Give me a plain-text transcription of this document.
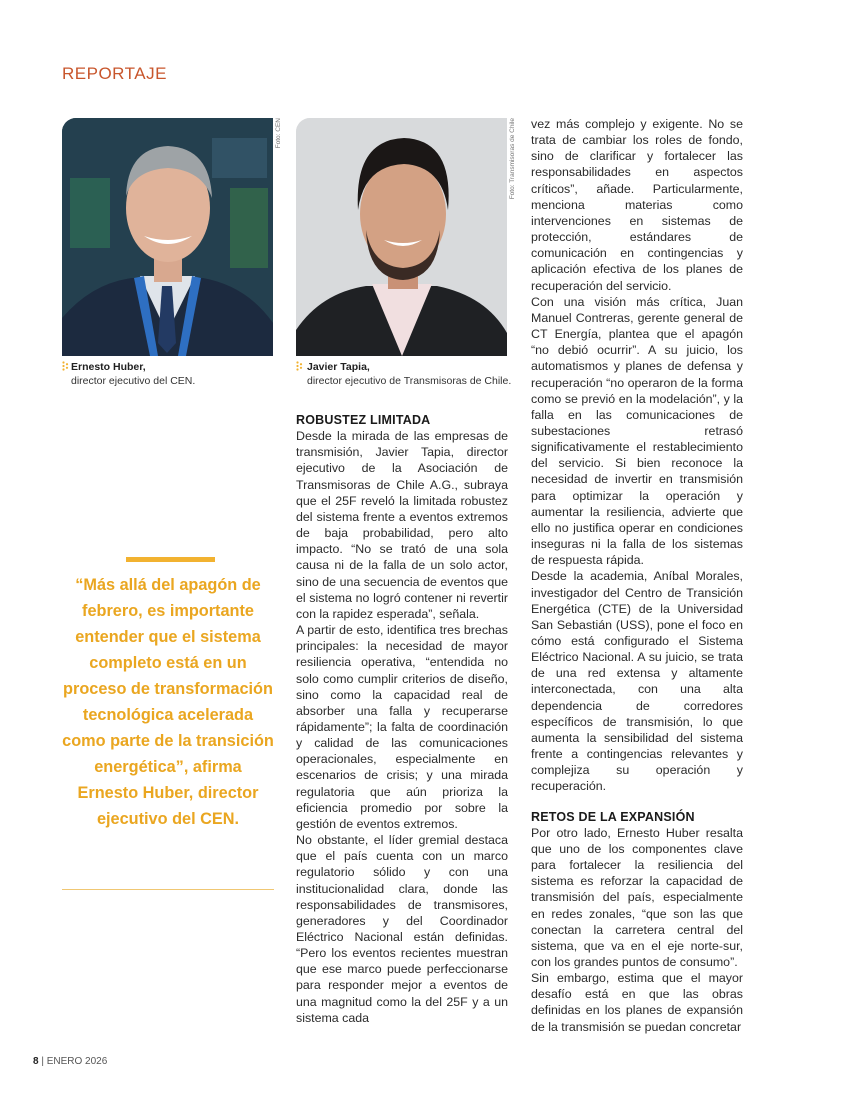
REPORTAJE
Foto: CEN	Foto: Transmisoras de Chile
Ernesto Huber,
director ejecutivo del CEN.
Javier Tapia,
director ejecutivo de Transmisoras de Chile.
“Más allá del apagón de febrero, es importante entender que el sistema completo está en un proceso de transformación tecnológica acelerada como parte de la transición energética”, afirma Ernesto Huber, director ejecutivo del CEN.

ROBUSTEZ LIMITADA

Desde la mirada de las empresas de transmisión, Javier Tapia, director ejecutivo de la Asociación de Transmisoras de Chile A.G., subraya que el 25F reveló la limitada robustez del sistema frente a eventos extremos de baja probabilidad, pero alto impacto. “No se trató de una sola causa ni de la falla de un solo actor, sino de una secuencia de eventos que el sistema no logró contener ni revertir con la rapidez esperada”, señala.

A partir de esto, identifica tres brechas principales: la necesidad de mayor resiliencia operativa, “entendida no solo como cumplir criterios de diseño, sino como la capacidad real de absorber una falla y recuperarse rápidamente”; la falta de coordinación y calidad de las comunicaciones operacionales, especialmente en escenarios de crisis; y una mirada regulatoria que aún prioriza la eficiencia promedio por sobre la gestión de eventos extremos.

No obstante, el líder gremial destaca que el país cuenta con un marco regulatorio sólido y con una institucionalidad clara, donde las responsabilidades de transmisores, generadores y del Coordinador Eléctrico Nacional están definidas. “Pero los eventos recientes muestran que ese marco puede perfeccionarse para responder mejor a eventos de una magnitud como la del 25F y a un sistema cada

vez más complejo y exigente. No se trata de cambiar los roles de fondo, sino de clarificar y fortalecer las responsabilidades en aspectos críticos”, añade. Particularmente, menciona materias como intervenciones en sistemas de protección, estándares de comunicación en contingencias y aplicación efectiva de los planes de recuperación del servicio.

Con una visión más crítica, Juan Manuel Contreras, gerente general de CT Energía, plantea que el apagón “no debió ocurrir”. A su juicio, los automatismos y planes de defensa y recuperación “no operaron de la forma como se previó en la modelación”, y la falla en las comunicaciones de subestaciones retrasó significativamente el restablecimiento del servicio. Si bien reconoce la necesidad de invertir en transmisión para optimizar la operación y aumentar la resiliencia, advierte que ello no justifica operar en condiciones inseguras ni la falla de los sistemas de respuesta rápida.

Desde la academia, Aníbal Morales, investigador del Centro de Transición Energética (CTE) de la Universidad San Sebastián (USS), pone el foco en cómo está configurado el Sistema Eléctrico Nacional. A su juicio, se trata de una red extensa y altamente interconectada, con una alta dependencia de corredores específicos de transmisión, lo que aumenta la sensibilidad del sistema frente a contingencias relevantes y complejiza su operación y recuperación.

RETOS DE LA EXPANSIÓN

Por otro lado, Ernesto Huber resalta que uno de los componentes clave para fortalecer la resiliencia del sistema es reforzar la capacidad de transmisión del país, especialmente en redes zonales, “que son las que conectan la carretera central del sistema, que va en el eje norte-sur, con los grandes puntos de consumo”.

Sin embargo, estima que el mayor desafío está en que las obras definidas en los planes de expansión de la transmisión se puedan concretar

8 | ENERO 2026
